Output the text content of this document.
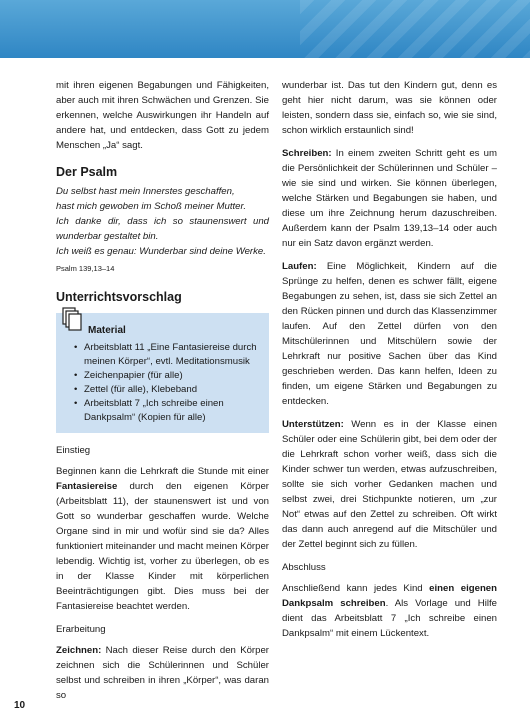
mit ihren eigenen Begabungen und Fähigkeiten, aber auch mit ihren Schwächen und Grenzen. Sie erkennen, welche Auswirkungen ihr Handeln auf andere hat, und entdecken, dass Gott zu jedem Menschen „Ja“ sagt.

Der Psalm

Du selbst hast mein Innerstes geschaffen,

hast mich gewoben im Schoß meiner Mutter.

Ich danke dir, dass ich so staunenswert und wunderbar gestaltet bin.

Ich weiß es genau: Wunderbar sind deine Werke.

Psalm 139,13–14
Unterrichtsvorschlag
Material
• Arbeitsblatt 11 „Eine Fantasiereise durch meinen Körper“, evtl. Meditationsmusik
• Zeichenpapier (für alle)
• Zettel (für alle), Klebeband
• Arbeitsblatt 7 „Ich schreibe einen Dankpsalm“ (Kopien für alle)
Einstieg

Beginnen kann die Lehrkraft die Stunde mit einer Fantasiereise durch den eigenen Körper (Arbeitsblatt 11), der staunenswert ist und von Gott so wunderbar geschaffen wurde. Welche Organe sind in mir und wofür sind sie da? Alles funktioniert miteinander und macht meinen Körper lebendig. Wichtig ist, vorher zu überlegen, ob es in der Klasse Kinder mit körperlichen Beeinträchtigungen gibt. Dies muss bei der Fantasiereise beachtet werden.

Erarbeitung

Zeichnen: Nach dieser Reise durch den Körper zeichnen sich die Schülerinnen und Schüler selbst und schreiben in ihren „Körper“, was daran so

wunderbar ist. Das tut den Kindern gut, denn es geht hier nicht darum, was sie können oder leisten, sondern dass sie, einfach so, wie sie sind, schon wirklich erstaunlich sind!

Schreiben: In einem zweiten Schritt geht es um die Persönlichkeit der Schülerinnen und Schüler – wie sie sind und wirken. Sie können überlegen, welche Stärken und Begabungen sie haben, und diese um ihre Zeichnung herum dazuschreiben. Außerdem kann der Psalm 139,13–14 oder auch nur ein Satz davon ergänzt werden.

Laufen: Eine Möglichkeit, Kindern auf die Sprünge zu helfen, denen es schwer fällt, eigene Begabungen zu sehen, ist, dass sie sich Zettel an den Rücken pinnen und durch das Klassenzimmer laufen. Auf den Zettel dürfen von den Mitschülerinnen und Mitschülern sowie der Lehrkraft nur positive Sachen über das Kind geschrieben werden. Das kann helfen, Ideen zu finden, um eigene Stärken und Begabungen zu entdecken.

Unterstützen: Wenn es in der Klasse einen Schüler oder eine Schülerin gibt, bei dem oder der die Lehrkraft schon vorher weiß, dass sich die Kinder schwer tun werden, etwas aufzuschreiben, sollte sie sich vorher Gedanken machen und selbst zwei, drei Stichpunkte notieren, um „zur Not“ etwas auf den Zettel zu schreiben. Oft wirkt das dann auch anregend auf die Mitschüler und der Zettel beginnt sich zu füllen.

Abschluss

Anschließend kann jedes Kind einen eigenen Dankpsalm schreiben. Als Vorlage und Hilfe dient das Arbeitsblatt 7 „Ich schreibe einen Dankpsalm“ mit einem Lückentext.

10
